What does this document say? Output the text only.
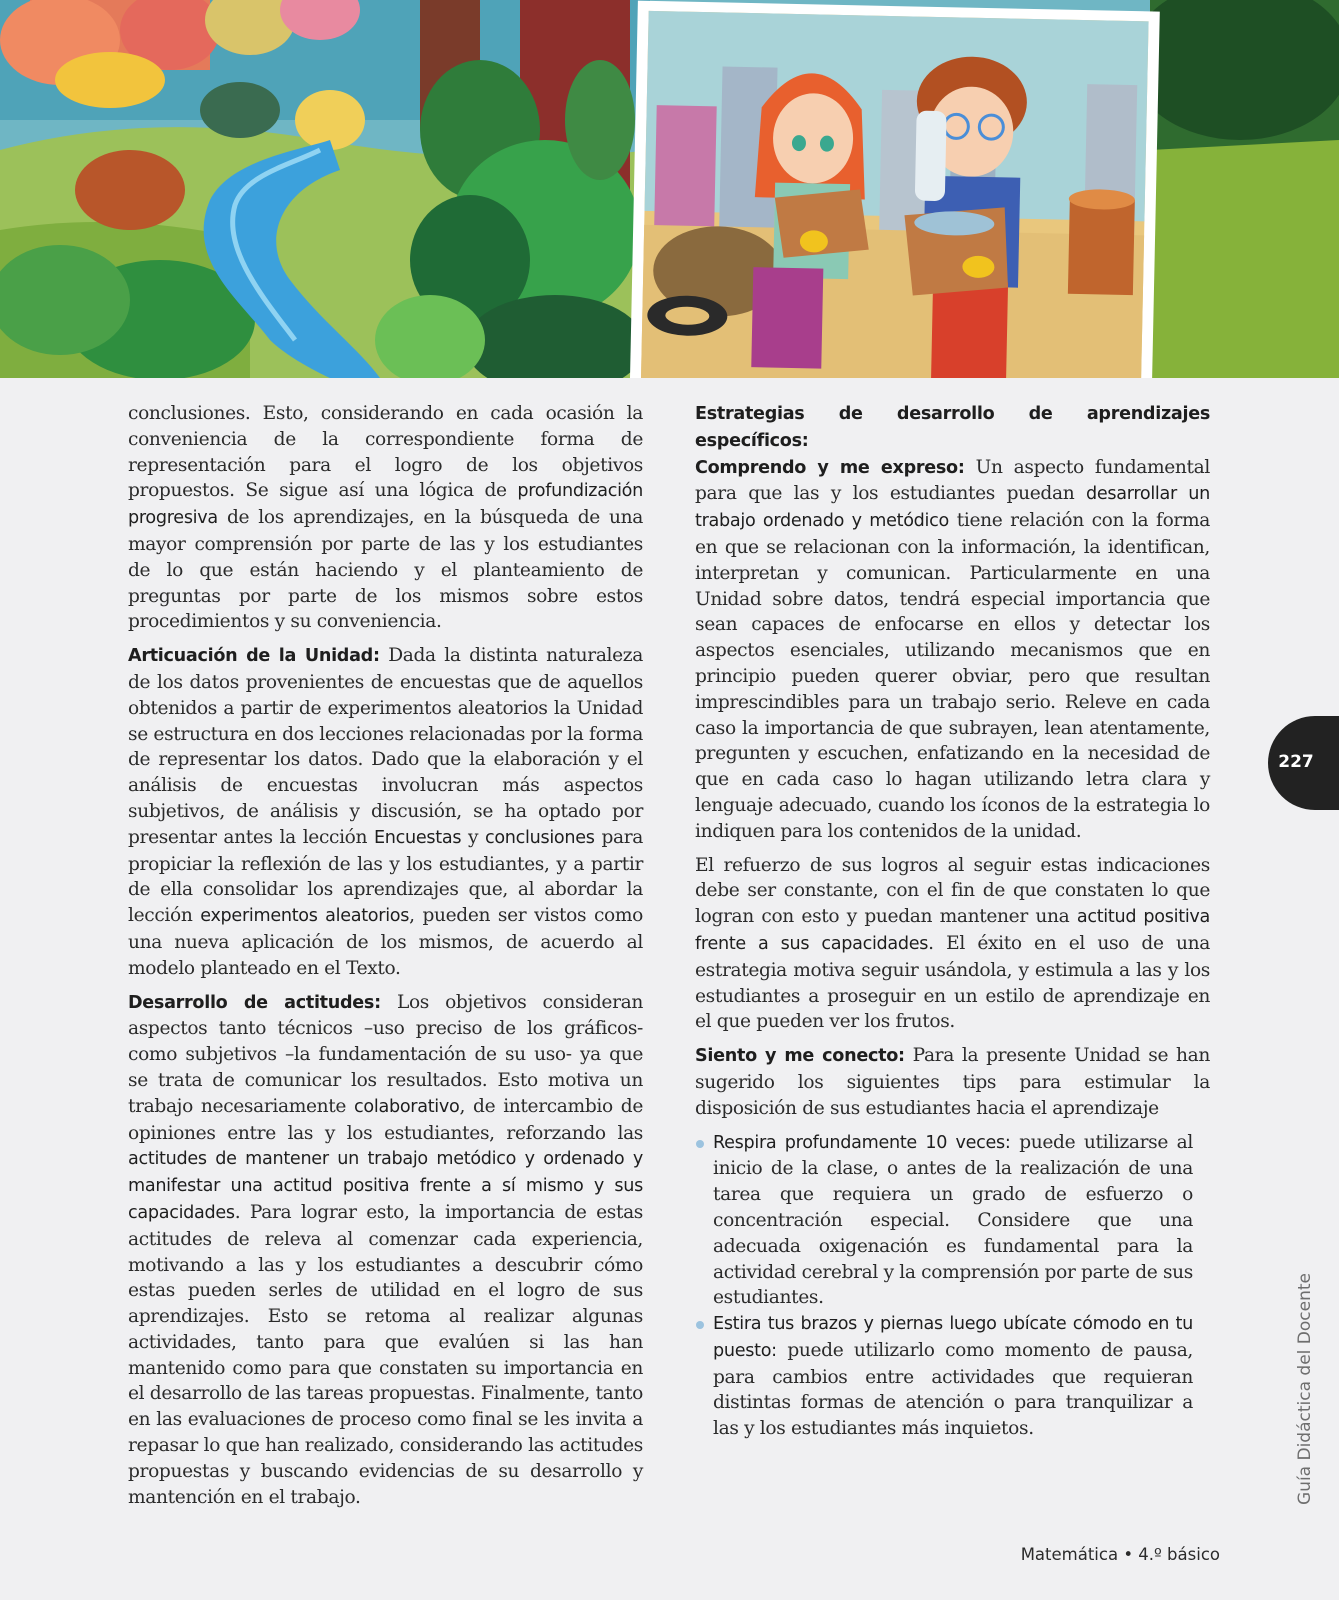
conclusiones. Esto, considerando en cada ocasión la conveniencia de la correspondiente forma de representación para el logro de los objetivos propuestos. Se sigue así una lógica de profundización progresiva de los aprendizajes, en la búsqueda de una mayor comprensión por parte de las y los estudiantes de lo que están haciendo y el planteamiento de preguntas por parte de los mismos sobre estos procedimientos y su conveniencia.

Articuación de la Unidad: Dada la distinta naturaleza de los datos provenientes de encuestas que de aquellos obtenidos a partir de experimentos aleatorios la Unidad se estructura en dos lecciones relacionadas por la forma de representar los datos. Dado que la elaboración y el análisis de encuestas involucran más aspectos subjetivos, de análisis y discusión, se ha optado por presentar antes la lección Encuestas y conclusiones para propiciar la reflexión de las y los estudiantes, y a partir de ella consolidar los aprendizajes que, al abordar la lección experimentos aleatorios, pueden ser vistos como una nueva aplicación de los mismos, de acuerdo al modelo planteado en el Texto.

Desarrollo de actitudes: Los objetivos consideran aspectos tanto técnicos –uso preciso de los gráficos- como subjetivos –la fundamentación de su uso- ya que se trata de comunicar los resultados. Esto motiva un trabajo necesariamente colaborativo, de intercambio de opiniones entre las y los estudiantes, reforzando las actitudes de mantener un trabajo metódico y ordenado y manifestar una actitud positiva frente a sí mismo y sus capacidades. Para lograr esto, la importancia de estas actitudes de releva al comenzar cada experiencia, motivando a las y los estudiantes a descubrir cómo estas pueden serles de utilidad en el logro de sus aprendizajes. Esto se retoma al realizar algunas actividades, tanto para que evalúen si las han mantenido como para que constaten su importancia en el desarrollo de las tareas propuestas. Finalmente, tanto en las evaluaciones de proceso como final se les invita a repasar lo que han realizado, considerando las actitudes propuestas y buscando evidencias de su desarrollo y mantención en el trabajo.

Estrategias de desarrollo de aprendizajes específicos:
Comprendo y me expreso: Un aspecto fundamental para que las y los estudiantes puedan desarrollar un trabajo ordenado y metódico tiene relación con la forma en que se relacionan con la información, la identifican, interpretan y comunican. Particularmente en una Unidad sobre datos, tendrá especial importancia que sean capaces de enfocarse en ellos y detectar los aspectos esenciales, utilizando mecanismos que en principio pueden querer obviar, pero que resultan imprescindibles para un trabajo serio. Releve en cada caso la importancia de que subrayen, lean atentamente, pregunten y escuchen, enfatizando en la necesidad de que en cada caso lo hagan utilizando letra clara y lenguaje adecuado, cuando los íconos de la estrategia lo indiquen para los contenidos de la unidad.

El refuerzo de sus logros al seguir estas indicaciones debe ser constante, con el fin de que constaten lo que logran con esto y puedan mantener una actitud positiva frente a sus capacidades. El éxito en el uso de una estrategia motiva seguir usándola, y estimula a las y los estudiantes a proseguir en un estilo de aprendizaje en el que pueden ver los frutos.

Siento y me conecto: Para la presente Unidad se han sugerido los siguientes tips para estimular la disposición de sus estudiantes hacia el aprendizaje

Respira profundamente 10 veces: puede utilizarse al inicio de la clase, o antes de la realización de una tarea que requiera un grado de esfuerzo o concentración especial. Considere que una adecuada oxigenación es fundamental para la actividad cerebral y la comprensión por parte de sus estudiantes.
Estira tus brazos y piernas luego ubícate cómodo en tu puesto: puede utilizarlo como momento de pausa, para cambios entre actividades que requieran distintas formas de atención o para tranquilizar a las y los estudiantes más inquietos.
227
Guía Didáctica del Docente
Matemática • 4.º básico
